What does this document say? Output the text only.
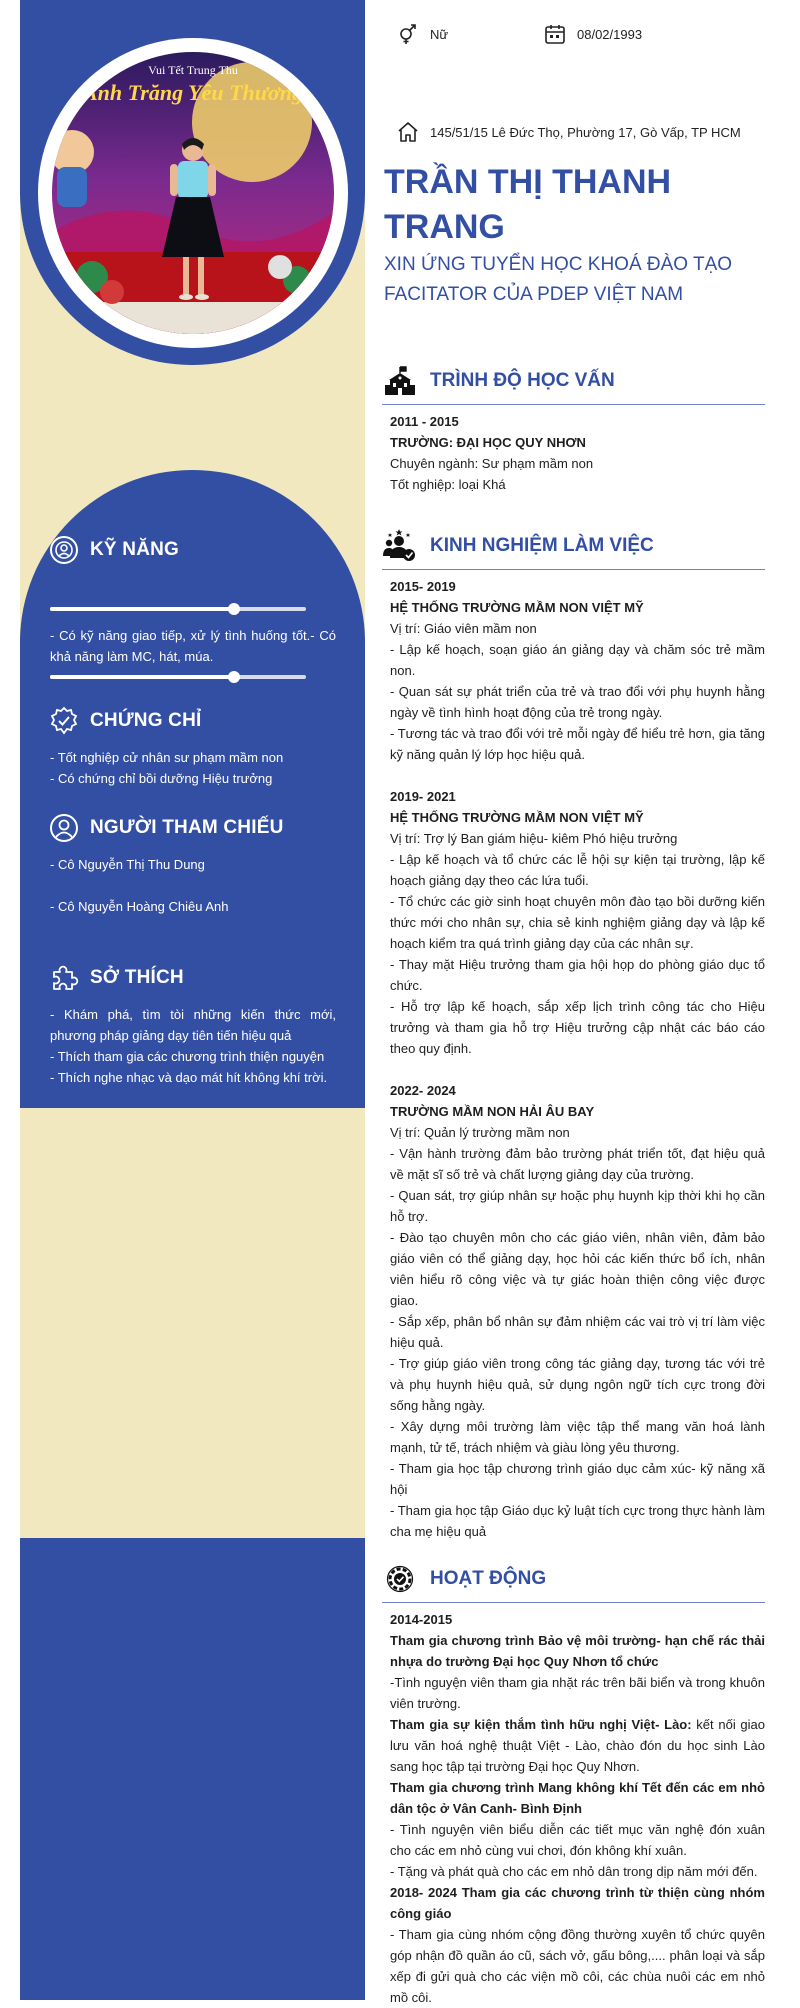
Vui Tết Trung Thu
Ánh Trăng Yêu Thương
KỸ NĂNG
- Có kỹ năng giao tiếp, xử lý tình huống tốt.- Có khả năng làm MC, hát, múa.
CHỨNG CHỈ
- Tốt nghiệp cử nhân sư phạm mầm non
- Có chứng chỉ bồi dưỡng Hiệu trưởng
NGƯỜI THAM CHIẾU
- Cô Nguyễn Thị Thu Dung
- Cô Nguyễn Hoàng Chiêu Anh
SỞ THÍCH
- Khám phá, tìm tòi những kiến thức mới, phương pháp giảng dạy tiên tiến hiệu quả
- Thích tham gia các chương trình thiện nguyện
- Thích nghe nhạc và dạo mát hít không khí trời.
Nữ	08/02/1993
145/51/15 Lê Đức Thọ, Phường 17, Gò Vấp, TP HCM
TRẦN THỊ THANH
TRANG
XIN ỨNG TUYỂN HỌC KHOÁ ĐÀO TẠO
FACITATOR CỦA PDEP VIỆT NAM
TRÌNH ĐỘ HỌC VẤN
2011 - 2015
TRƯỜNG: ĐẠI HỌC QUY NHƠN
Chuyên ngành: Sư phạm mầm non
Tốt nghiệp: loại Khá
KINH NGHIỆM LÀM VIỆC
2015- 2019
HỆ THỐNG TRƯỜNG MẦM NON VIỆT MỸ
Vị trí: Giáo viên mầm non
- Lập kế hoạch, soạn giáo án giảng dạy và chăm sóc trẻ mầm non.
- Quan sát sự phát triển của trẻ và trao đổi với phụ huynh hằng ngày về tình hình hoạt động của trẻ trong ngày.
- Tương tác và trao đổi với trẻ mỗi ngày để hiểu trẻ hơn, gia tăng kỹ năng quản lý lớp học hiệu quả.
2019- 2021
HỆ THỐNG TRƯỜNG MẦM NON VIỆT MỸ
Vị trí: Trợ lý Ban giám hiệu- kiêm Phó hiệu trưởng
- Lập kế hoạch và tổ chức các lễ hội sự kiện tại trường, lập kế hoạch giảng dạy theo các lứa tuổi.
- Tổ chức các giờ sinh hoạt chuyên môn đào tạo bồi dưỡng kiến thức mới cho nhân sự, chia sẻ kinh nghiệm giảng dạy và lập kế hoạch kiểm tra quá trình giảng dạy của các nhân sự.
- Thay mặt Hiệu trưởng tham gia hội họp do phòng giáo dục tổ chức.
- Hỗ trợ lập kế hoạch, sắp xếp lịch trình công tác cho Hiệu trưởng và tham gia hỗ trợ Hiệu trưởng cập nhật các báo cáo theo quy định.
2022- 2024
TRƯỜNG MẦM NON HẢI ÂU BAY
Vị trí: Quản lý trường mầm non
- Vận hành trường đảm bảo trường phát triển tốt, đạt hiệu quả về mặt sĩ số trẻ và chất lượng giảng dạy của trường.
- Quan sát, trợ giúp nhân sự hoặc phụ huynh kịp thời khi họ cần hỗ trợ.
- Đào tạo chuyên môn cho các giáo viên, nhân viên, đảm bảo giáo viên có thể giảng dạy, học hỏi các kiến thức bổ ích, nhân viên hiểu rõ công việc và tự giác hoàn thiện công việc được giao.
- Sắp xếp, phân bổ nhân sự đảm nhiệm các vai trò vị trí làm việc hiệu quả.
- Trợ giúp giáo viên trong công tác giảng dạy, tương tác với trẻ và phụ huynh hiệu quả, sử dụng ngôn ngữ tích cực trong đời sống hằng ngày.
- Xây dựng môi trường làm việc tập thể mang văn hoá lành mạnh, tử tế, trách nhiệm và giàu lòng yêu thương.
- Tham gia học tập chương trình giáo dục cảm xúc- kỹ năng xã hội
- Tham gia học tập Giáo dục kỷ luật tích cực trong thực hành làm cha mẹ hiệu quả
HOẠT ĐỘNG
2014-2015
Tham gia chương trình Bảo vệ môi trường- hạn chế rác thải nhựa do trường Đại học Quy Nhơn tổ chức
-Tình nguyện viên tham gia nhặt rác trên bãi biển và trong khuôn viên trường.
Tham gia sự kiện thắm tình hữu nghị Việt- Lào: kết nối giao lưu văn hoá nghệ thuật Việt - Lào, chào đón du học sinh Lào sang học tập tại trường Đại học Quy Nhơn.
Tham gia chương trình Mang không khí Tết đến các em nhỏ dân tộc ở Vân Canh- Bình Định
- Tình nguyện viên biểu diễn các tiết mục văn nghệ đón xuân cho các em nhỏ cùng vui chơi, đón không khí xuân.
- Tặng và phát quà cho các em nhỏ dân trong dịp năm mới đến.
2018- 2024 Tham gia các chương trình từ thiện cùng nhóm công giáo
- Tham gia cùng nhóm cộng đồng thường xuyên tổ chức quyên góp nhận đồ quần áo cũ, sách vở, gấu bông,.... phân loại và sắp xếp đi gửi quà cho các viện mồ côi, các chùa nuôi các em nhỏ mồ côi.
